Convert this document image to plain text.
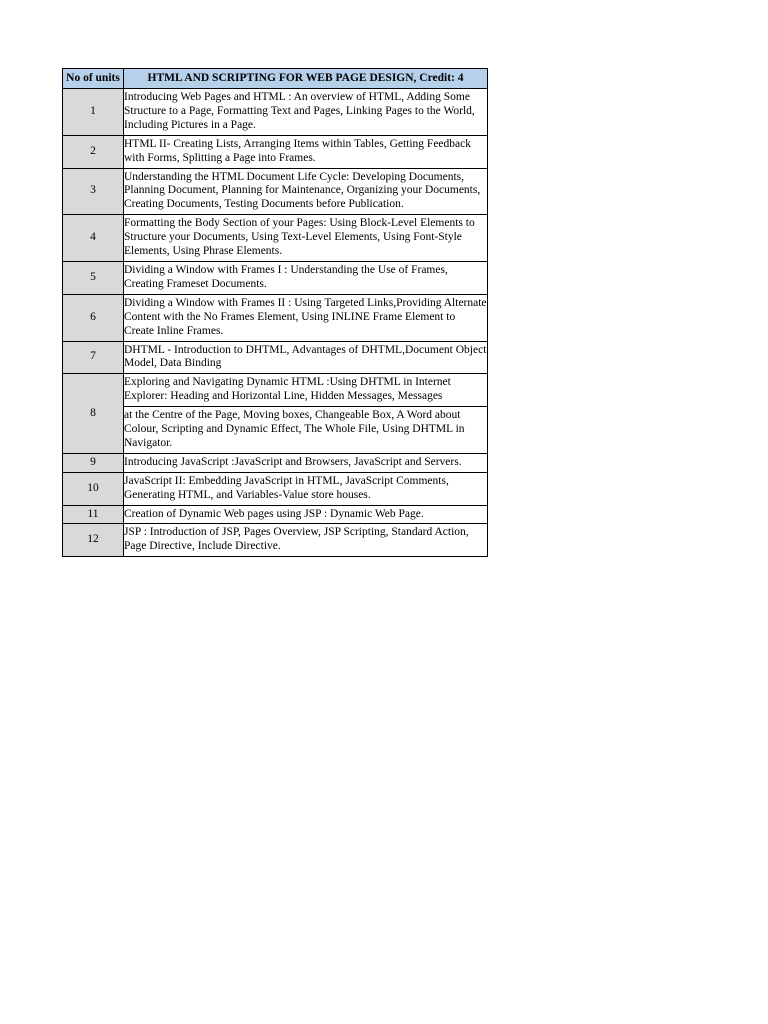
No of units	HTML AND SCRIPTING FOR WEB PAGE DESIGN, Credit: 4
1	Introducing Web Pages and HTML : An overview of HTML, Adding Some Structure to a Page, Formatting Text and Pages, Linking Pages to the World, Including Pictures in a Page.

2	HTML II- Creating Lists, Arranging Items within Tables, Getting Feedback with Forms, Splitting a Page into Frames.

3	Understanding the HTML Document Life Cycle: Developing Documents, Planning Document, Planning for Maintenance, Organizing your Documents, Creating Documents, Testing Documents before Publication.

4	Formatting the Body Section of your Pages: Using Block-Level Elements to Structure your Documents, Using Text-Level Elements, Using Font-Style Elements, Using Phrase Elements.

5	Dividing a Window with Frames I : Understanding the Use of Frames, Creating Frameset Documents.

6	Dividing a Window with Frames II : Using Targeted Links,Providing Alternate Content with the No Frames Element, Using INLINE Frame Element to Create Inline Frames.

7	DHTML - Introduction to DHTML, Advantages of DHTML,Document Object Model, Data Binding

8	Exploring and Navigating Dynamic HTML :Using DHTML in Internet Explorer: Heading and Horizontal Line, Hidden Messages, Messages
at the Centre of the Page, Moving boxes, Changeable Box, A Word about Colour, Scripting and Dynamic Effect, The Whole File, Using DHTML in Navigator.

9	Introducing JavaScript :JavaScript and Browsers, JavaScript and Servers.

10	JavaScript II: Embedding JavaScript in HTML, JavaScript Comments, Generating HTML, and Variables-Value store houses.

11	Creation of Dynamic Web pages using JSP : Dynamic Web Page.

12	JSP : Introduction of JSP, Pages Overview, JSP Scripting, Standard Action, Page Directive, Include Directive.
